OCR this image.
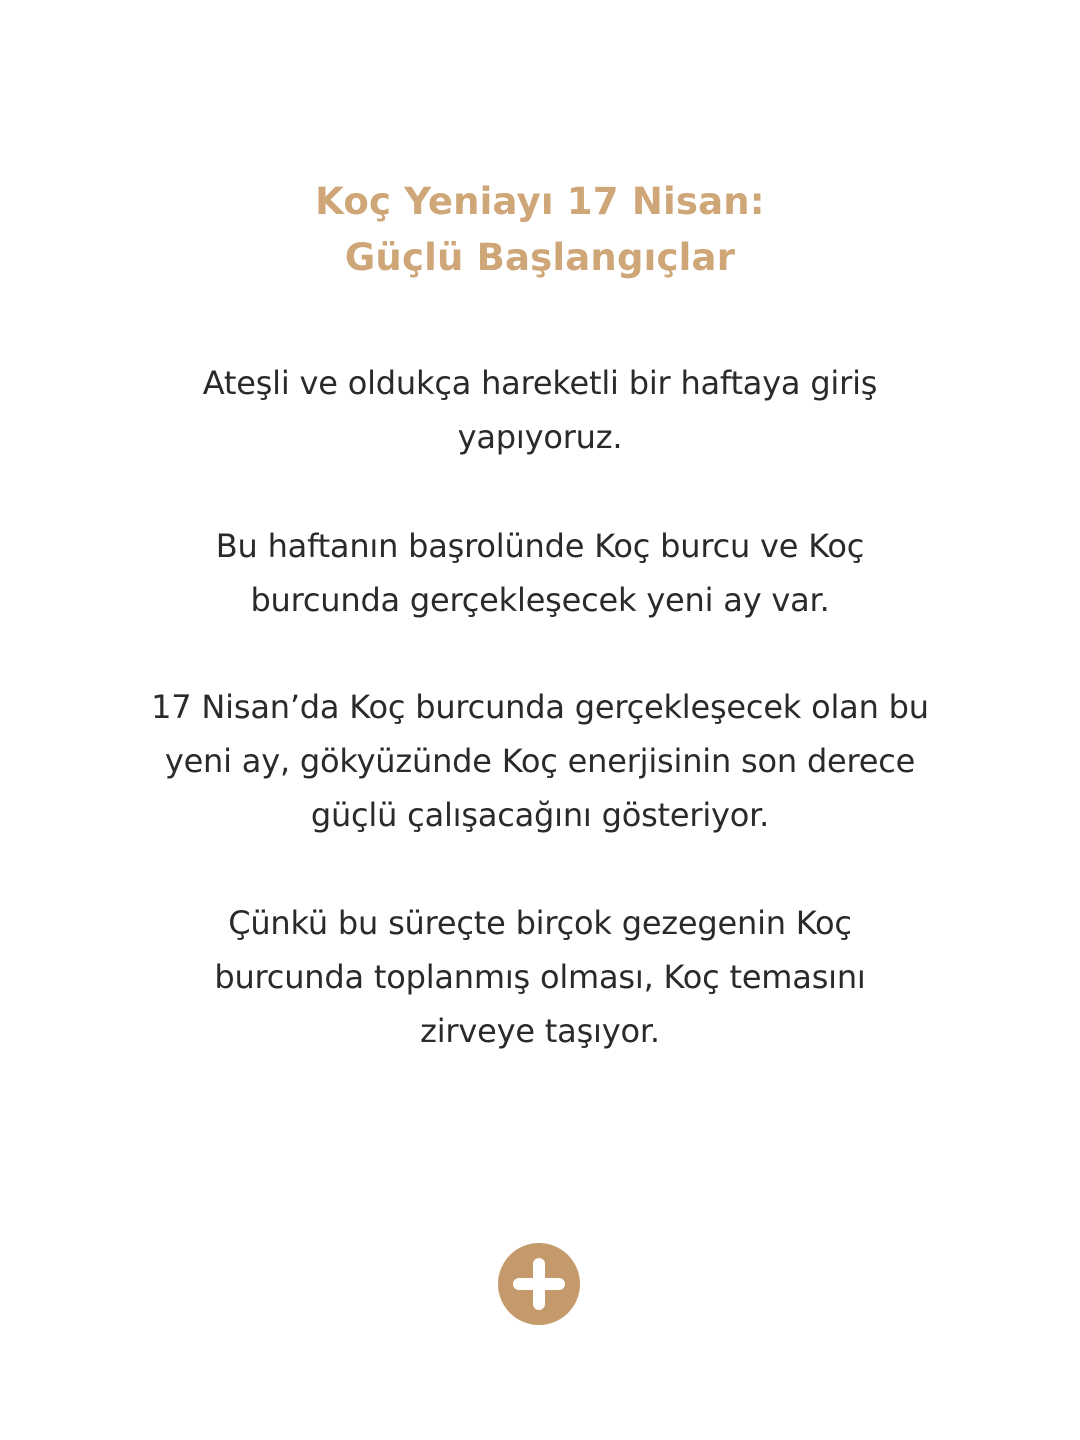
Koç Yeniayı 17 Nisan:
Güçlü Başlangıçlar

Ateşli ve oldukça hareketli bir haftaya giriş
yapıyoruz.

Bu haftanın başrolünde Koç burcu ve Koç
burcunda gerçekleşecek yeni ay var.

17 Nisan’da Koç burcunda gerçekleşecek olan bu
yeni ay, gökyüzünde Koç enerjisinin son derece
güçlü çalışacağını gösteriyor.

Çünkü bu süreçte birçok gezegenin Koç
burcunda toplanmış olması, Koç temasını
zirveye taşıyor.
